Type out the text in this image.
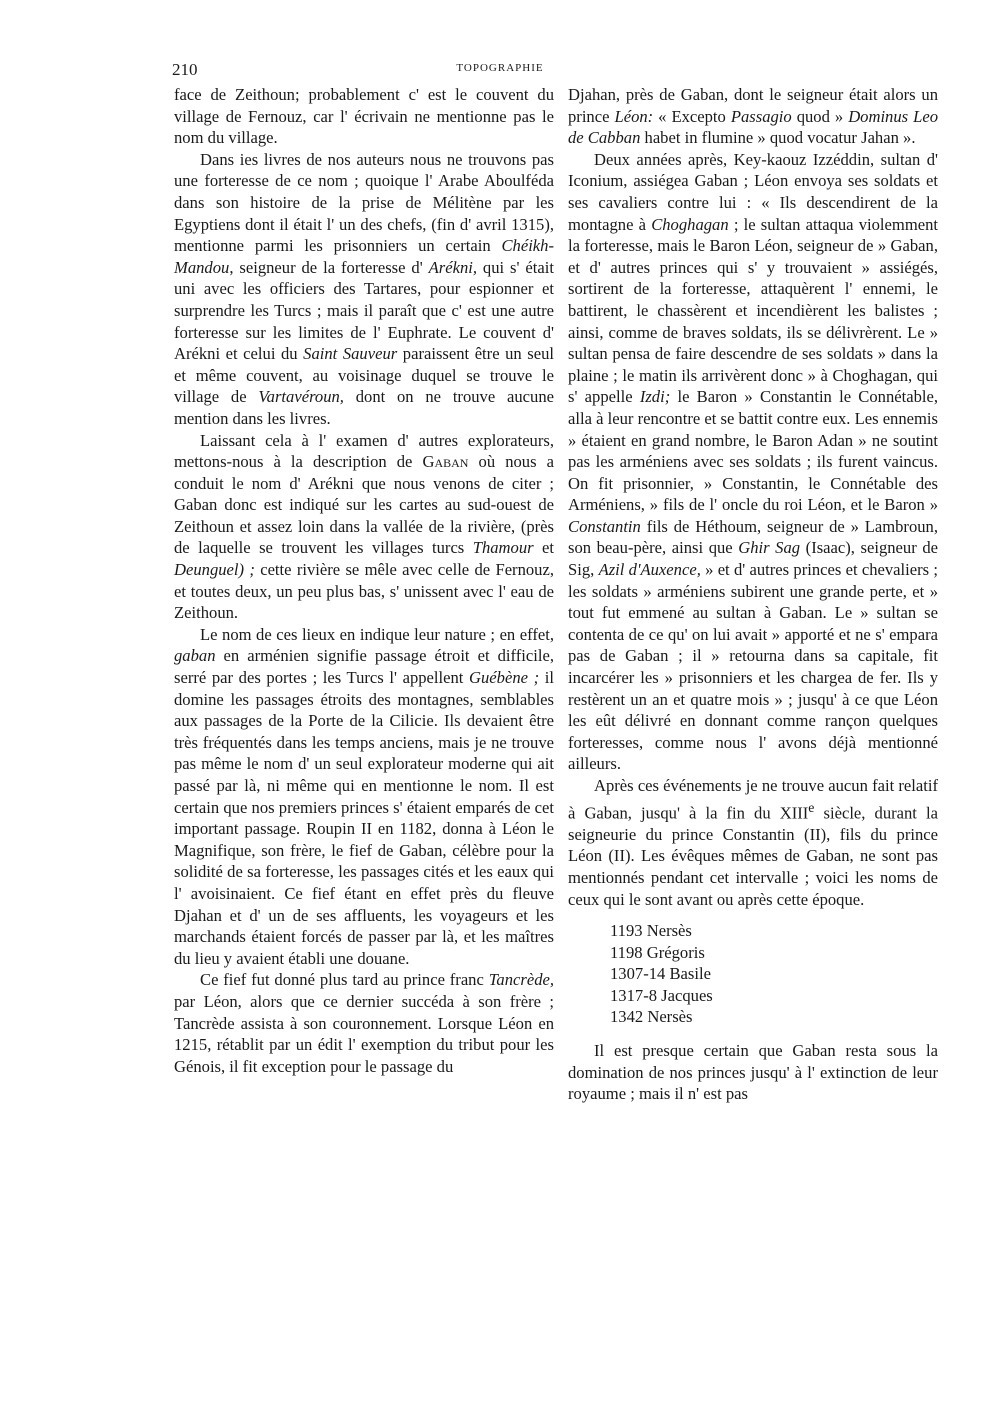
210	TOPOGRAPHIE

face de Zeithoun; probablement c' est le couvent du village de Fernouz, car l' écrivain ne mentionne pas le nom du village.

Dans ies livres de nos auteurs nous ne trouvons pas une forteresse de ce nom ; quoique l' Arabe Aboulféda dans son histoire de la prise de Mélitène par les Egyptiens dont il était l' un des chefs, (fin d' avril 1315), mentionne parmi les prisonniers un certain Chéikh-Mandou, seigneur de la forteresse d' Arékni, qui s' était uni avec les officiers des Tartares, pour espionner et surprendre les Turcs ; mais il paraît que c' est une autre forteresse sur les limites de l' Euphrate. Le couvent d' Arékni et celui du Saint Sauveur paraissent être un seul et même couvent, au voisinage duquel se trouve le village de Vartavéroun, dont on ne trouve aucune mention dans les livres.

Laissant cela à l' examen d' autres explorateurs, mettons-nous à la description de Gaban où nous a conduit le nom d' Arékni que nous venons de citer ; Gaban donc est indiqué sur les cartes au sud-ouest de Zeithoun et assez loin dans la vallée de la rivière, (près de laquelle se trouvent les villages turcs Thamour et Deunguel) ; cette rivière se mêle avec celle de Fernouz, et toutes deux, un peu plus bas, s' unissent avec l' eau de Zeithoun.

Le nom de ces lieux en indique leur nature ; en effet, gaban en arménien signifie passage étroit et difficile, serré par des portes ; les Turcs l' appellent Guébène ; il domine les passages étroits des montagnes, semblables aux passages de la Porte de la Cilicie. Ils devaient être très fréquentés dans les temps anciens, mais je ne trouve pas même le nom d' un seul explorateur moderne qui ait passé par là, ni même qui en mentionne le nom. Il est certain que nos premiers princes s' étaient emparés de cet important passage. Roupin II en 1182, donna à Léon le Magnifique, son frère, le fief de Gaban, célèbre pour la solidité de sa forteresse, les passages cités et les eaux qui l' avoisinaient. Ce fief étant en effet près du fleuve Djahan et d' un de ses affluents, les voyageurs et les marchands étaient forcés de passer par là, et les maîtres du lieu y avaient établi une douane.

Ce fief fut donné plus tard au prince franc Tancrède, par Léon, alors que ce dernier succéda à son frère ; Tancrède assista à son couronnement. Lorsque Léon en 1215, rétablit par un édit l' exemption du tribut pour les Génois, il fit exception pour le passage du

Djahan, près de Gaban, dont le seigneur était alors un prince Léon: « Excepto Passagio quod » Dominus Leo de Cabban habet in flumine » quod vocatur Jahan ».

Deux années après, Key-kaouz Izzéddin, sultan d' Iconium, assiégea Gaban ; Léon envoya ses soldats et ses cavaliers contre lui : « Ils descendirent de la montagne à Choghagan ; le sultan attaqua violemment la forteresse, mais le Baron Léon, seigneur de » Gaban, et d' autres princes qui s' y trouvaient » assiégés, sortirent de la forteresse, attaquèrent l' ennemi, le battirent, le chassèrent et incendièrent les balistes ; ainsi, comme de braves soldats, ils se délivrèrent. Le » sultan pensa de faire descendre de ses soldats » dans la plaine ; le matin ils arrivèrent donc » à Choghagan, qui s' appelle Izdi; le Baron » Constantin le Connétable, alla à leur rencontre et se battit contre eux. Les ennemis » étaient en grand nombre, le Baron Adan » ne soutint pas les arméniens avec ses soldats ; ils furent vaincus. On fit prisonnier, » Constantin, le Connétable des Arméniens, » fils de l' oncle du roi Léon, et le Baron » Constantin fils de Héthoum, seigneur de » Lambroun, son beau-père, ainsi que Ghir Sag (Isaac), seigneur de Sig, Azil d'Auxence, » et d' autres princes et chevaliers ; les soldats » arméniens subirent une grande perte, et » tout fut emmené au sultan à Gaban. Le » sultan se contenta de ce qu' on lui avait » apporté et ne s' empara pas de Gaban ; il » retourna dans sa capitale, fit incarcérer les » prisonniers et les chargea de fer. Ils y restèrent un an et quatre mois » ; jusqu' à ce que Léon les eût délivré en donnant comme rançon quelques forteresses, comme nous l' avons déjà mentionné ailleurs.

Après ces événements je ne trouve aucun fait relatif à Gaban, jusqu' à la fin du XIIIe siècle, durant la seigneurie du prince Constantin (II), fils du prince Léon (II). Les évêques mêmes de Gaban, ne sont pas mentionnés pendant cet intervalle ; voici les noms de ceux qui le sont avant ou après cette époque.

1193 Nersès
1198 Grégoris
1307-14 Basile
1317-8 Jacques
1342 Nersès

Il est presque certain que Gaban resta sous la domination de nos princes jusqu' à l' extinction de leur royaume ; mais il n' est pas
